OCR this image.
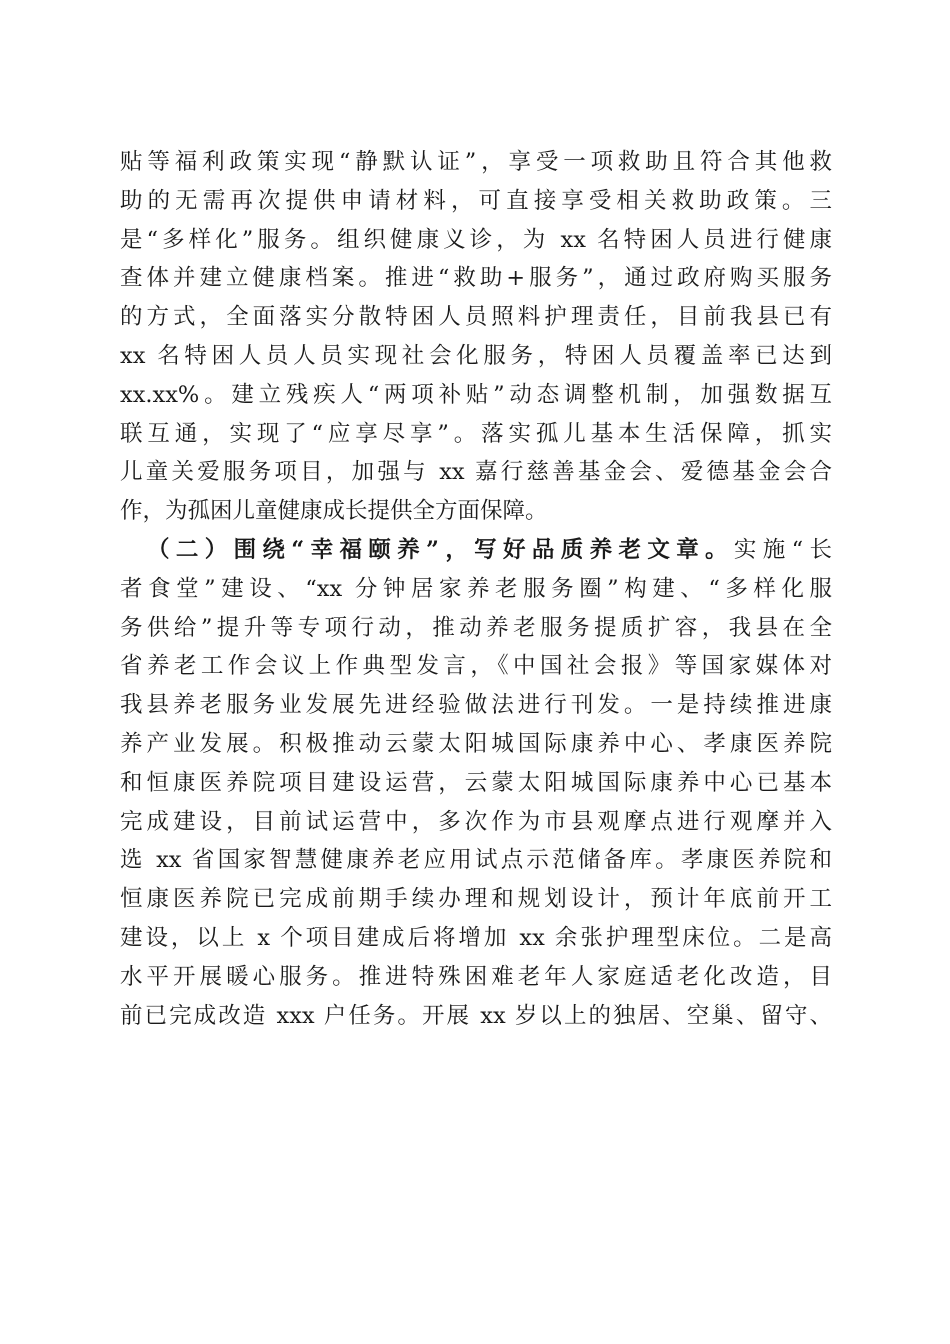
贴等福利政策实现“静默认证”，享受一项救助且符合其他救
助的无需再次提供申请材料，可直接享受相关救助政策。三
是“多样化”服务。组织健康义诊，为 xx 名特困人员进行健康
查体并建立健康档案。推进“救助+服务”，通过政府购买服务
的方式，全面落实分散特困人员照料护理责任，目前我县已有
xx 名特困人员人员实现社会化服务，特困人员覆盖率已达到
xx.xx%。建立残疾人“两项补贴”动态调整机制，加强数据互
联互通，实现了“应享尽享”。落实孤儿基本生活保障，抓实
儿童关爱服务项目，加强与 xx 嘉行慈善基金会、爱德基金会合
作，为孤困儿童健康成长提供全方面保障。
（二）围绕“幸福颐养”，写好品质养老文章。实施“长
者食堂”建设、“xx 分钟居家养老服务圈”构建、“多样化服
务供给”提升等专项行动，推动养老服务提质扩容，我县在全
省养老工作会议上作典型发言，《中国社会报》等国家媒体对
我县养老服务业发展先进经验做法进行刊发。一是持续推进康
养产业发展。积极推动云蒙太阳城国际康养中心、孝康医养院
和恒康医养院项目建设运营，云蒙太阳城国际康养中心已基本
完成建设，目前试运营中，多次作为市县观摩点进行观摩并入
选 xx 省国家智慧健康养老应用试点示范储备库。孝康医养院和
恒康医养院已完成前期手续办理和规划设计，预计年底前开工
建设，以上 x 个项目建成后将增加 xx 余张护理型床位。二是高
水平开展暖心服务。推进特殊困难老年人家庭适老化改造，目
前已完成改造 xxx 户任务。开展 xx 岁以上的独居、空巢、留守、
